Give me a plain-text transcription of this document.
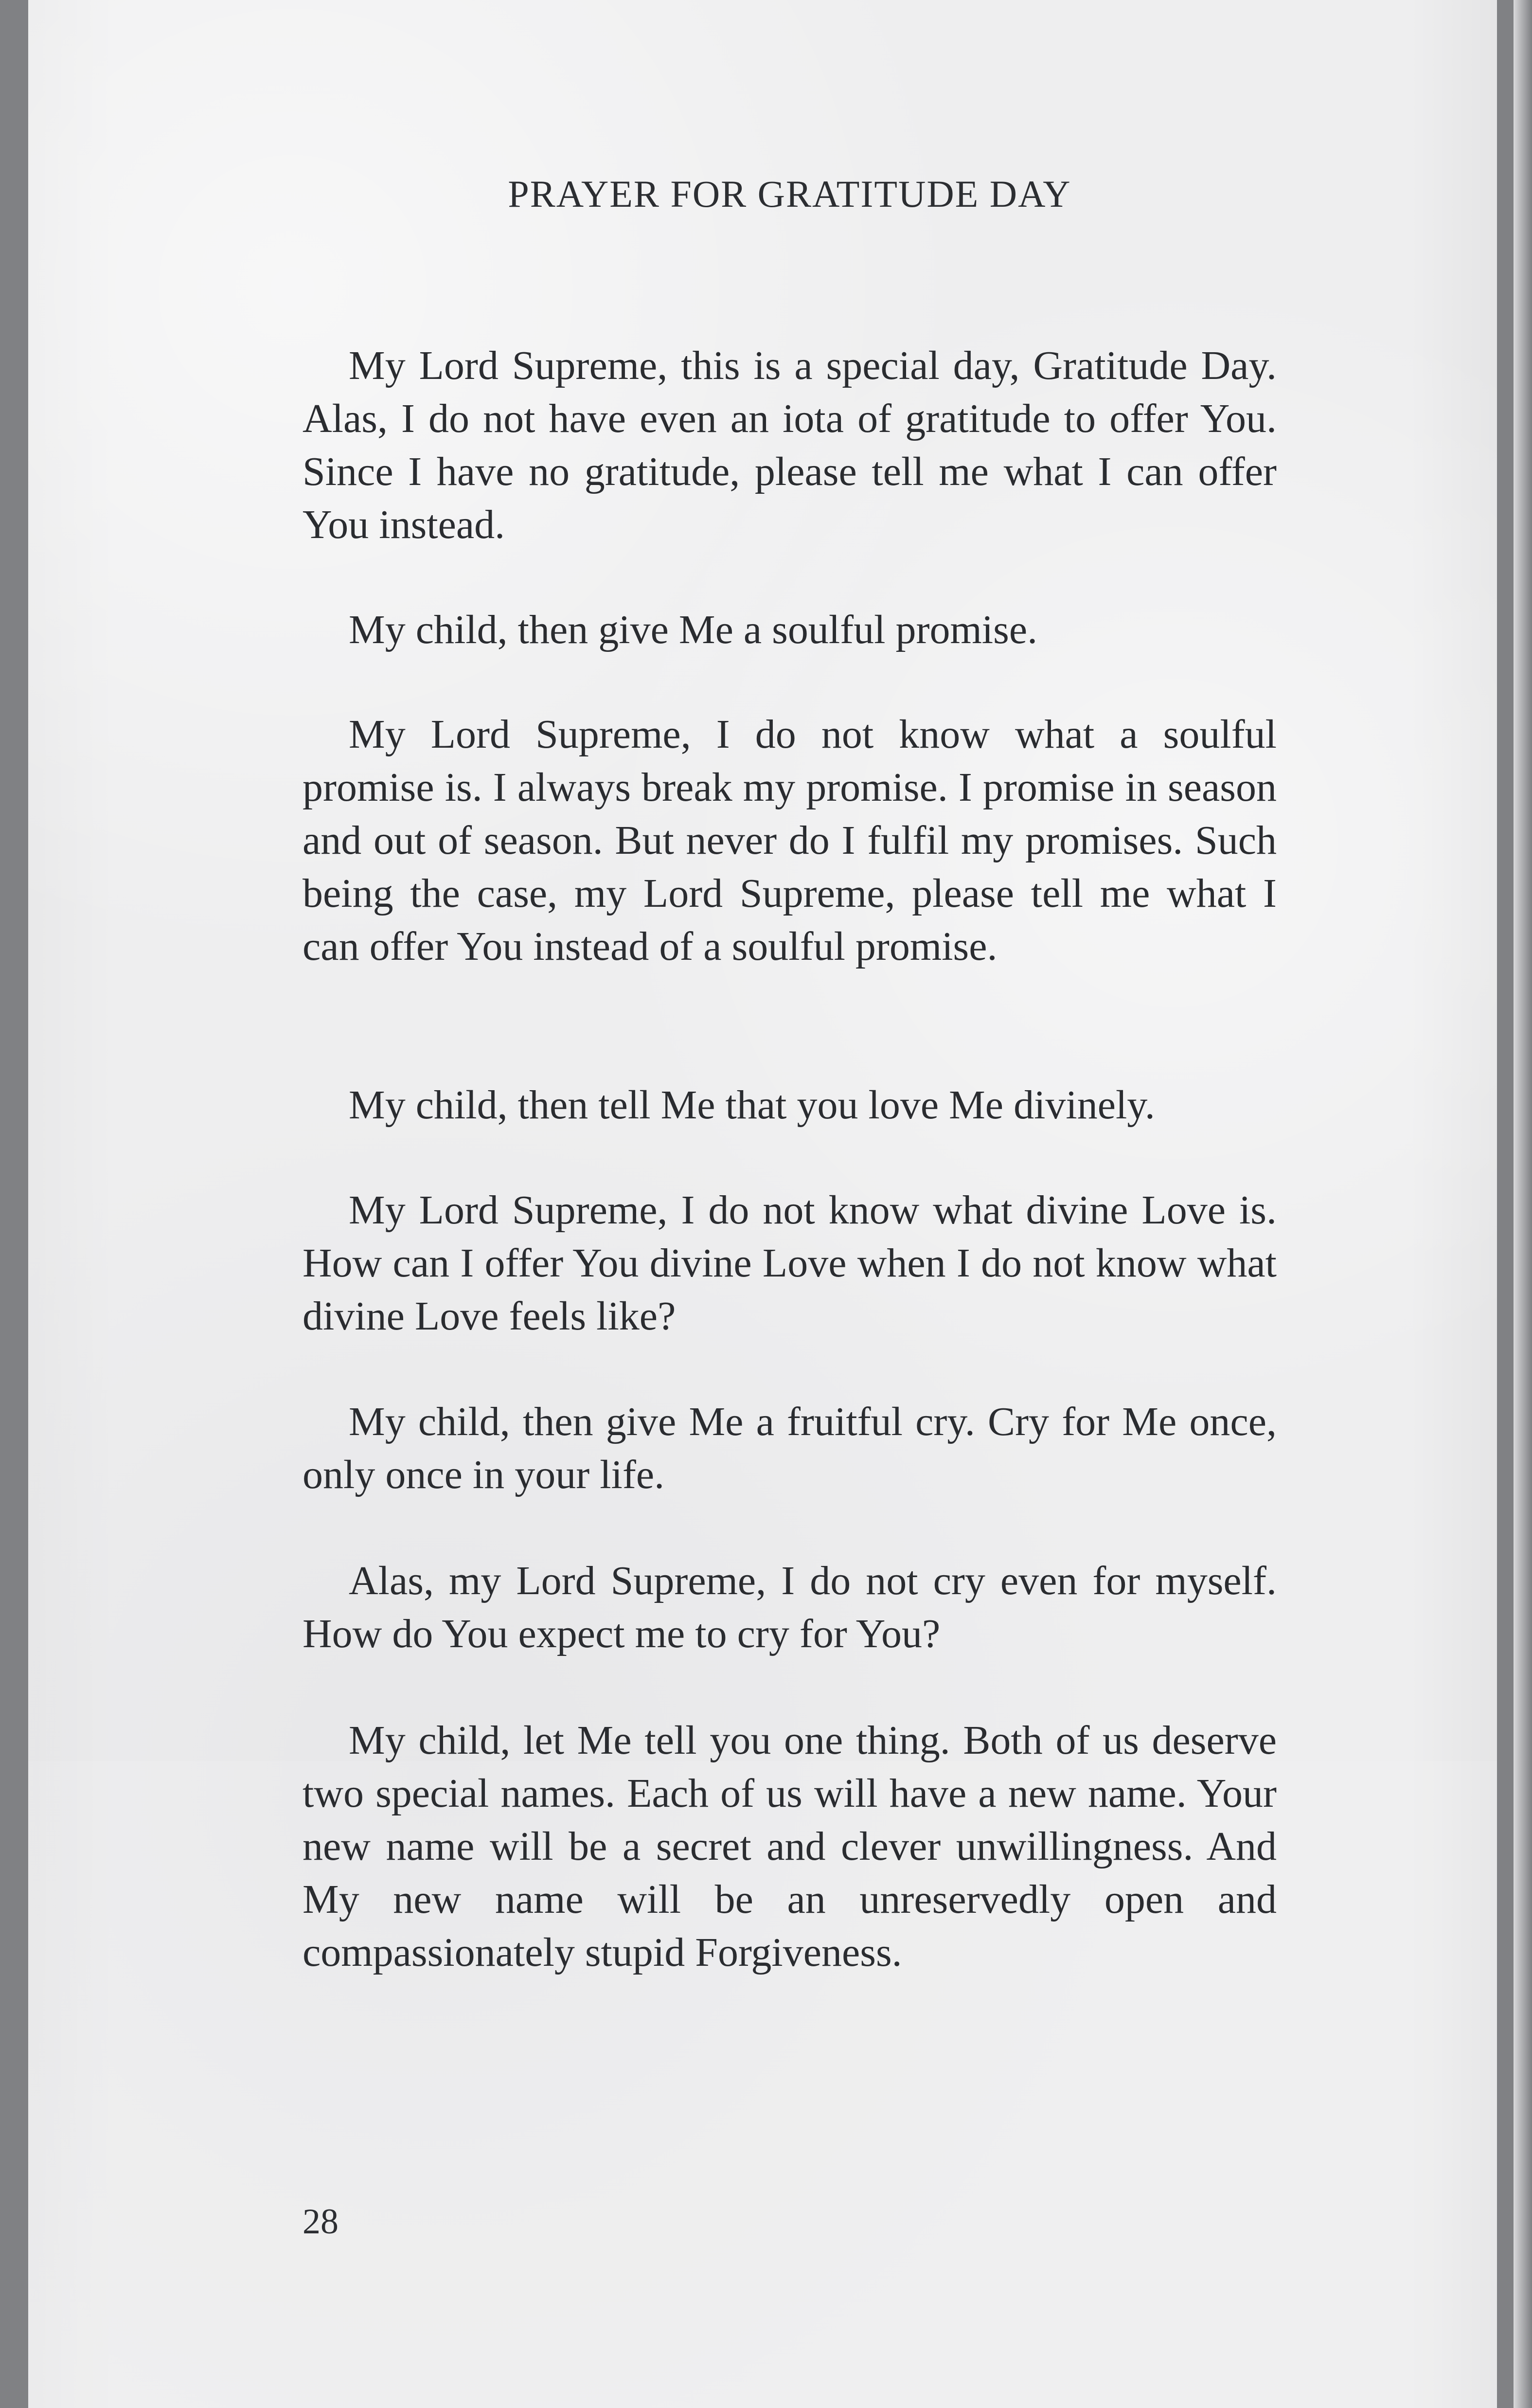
PRAYER FOR GRATITUDE DAY

My Lord Supreme, this is a special day, Gratitude Day. Alas, I do not have even an iota of gratitude to offer You. Since I have no gratitude, please tell me what I can offer You instead.

My child, then give Me a soulful promise.

My Lord Supreme, I do not know what a soulful promise is. I always break my promise. I promise in season and out of season. But never do I fulfil my promises. Such being the case, my Lord Supreme, please tell me what I can offer You instead of a soulful promise.

My child, then tell Me that you love Me divinely.

My Lord Supreme, I do not know what divine Love is. How can I offer You divine Love when I do not know what divine Love feels like?

My child, then give Me a fruitful cry. Cry for Me once, only once in your life.

Alas, my Lord Supreme, I do not cry even for myself. How do You expect me to cry for You?

My child, let Me tell you one thing. Both of us deserve two special names. Each of us will have a new name. Your new name will be a secret and clever unwillingness. And My new name will be an unreservedly open and compassionately stupid Forgiveness.

28
